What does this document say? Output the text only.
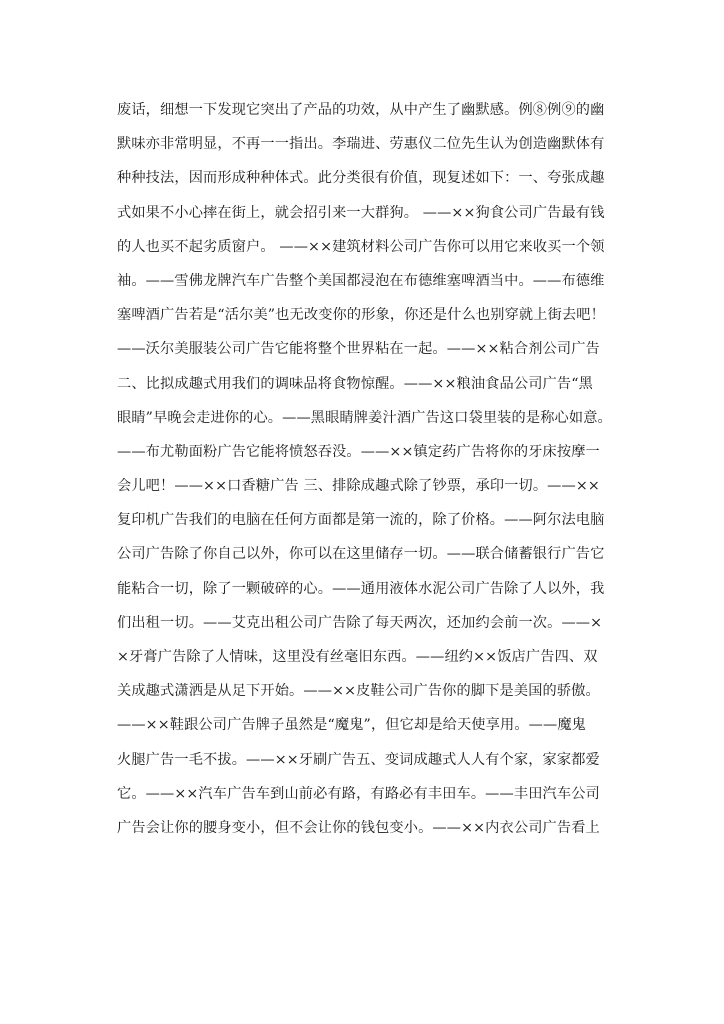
废话，细想一下发现它突出了产品的功效，从中产生了幽默感。例⑧例⑨的幽
默味亦非常明显，不再一一指出。李瑞进、劳惠仪二位先生认为创造幽默体有
种种技法，因而形成种种体式。此分类很有价值，现复述如下：一、夸张成趣
式如果不小心摔在街上，就会招引来一大群狗。 ——××狗食公司广告最有钱
的人也买不起劣质窗户。 ——××建筑材料公司广告你可以用它来收买一个领
袖。——雪佛龙牌汽车广告整个美国都浸泡在布德维塞啤酒当中。——布德维
塞啤酒广告若是“活尔美”也无改变你的形象，你还是什么也别穿就上街去吧！
——沃尔美服装公司广告它能将整个世界粘在一起。——××粘合剂公司广告
二、比拟成趣式用我们的调味品将食物惊醒。——××粮油食品公司广告“黑
眼睛”早晚会走进你的心。——黑眼睛牌姜汁酒广告这口袋里装的是称心如意。
——布尤勒面粉广告它能将愤怒吞没。——××镇定药广告将你的牙床按摩一
会儿吧！——××口香糖广告 三、排除成趣式除了钞票，承印一切。——××
复印机广告我们的电脑在任何方面都是第一流的，除了价格。——阿尔法电脑
公司广告除了你自己以外，你可以在这里储存一切。——联合储蓄银行广告它
能粘合一切，除了一颗破碎的心。——通用液体水泥公司广告除了人以外，我
们出租一切。——艾克出租公司广告除了每天两次，还加约会前一次。——×
×牙膏广告除了人情味，这里没有丝毫旧东西。——纽约××饭店广告四、双
关成趣式潇洒是从足下开始。——××皮鞋公司广告你的脚下是美国的骄傲。
——××鞋跟公司广告牌子虽然是“魔鬼”，但它却是给天使享用。——魔鬼
火腿广告一毛不拔。——××牙刷广告五、变词成趣式人人有个家，家家都爱
它。——××汽车广告车到山前必有路，有路必有丰田车。——丰田汽车公司
广告会让你的腰身变小，但不会让你的钱包变小。——××内衣公司广告看上
